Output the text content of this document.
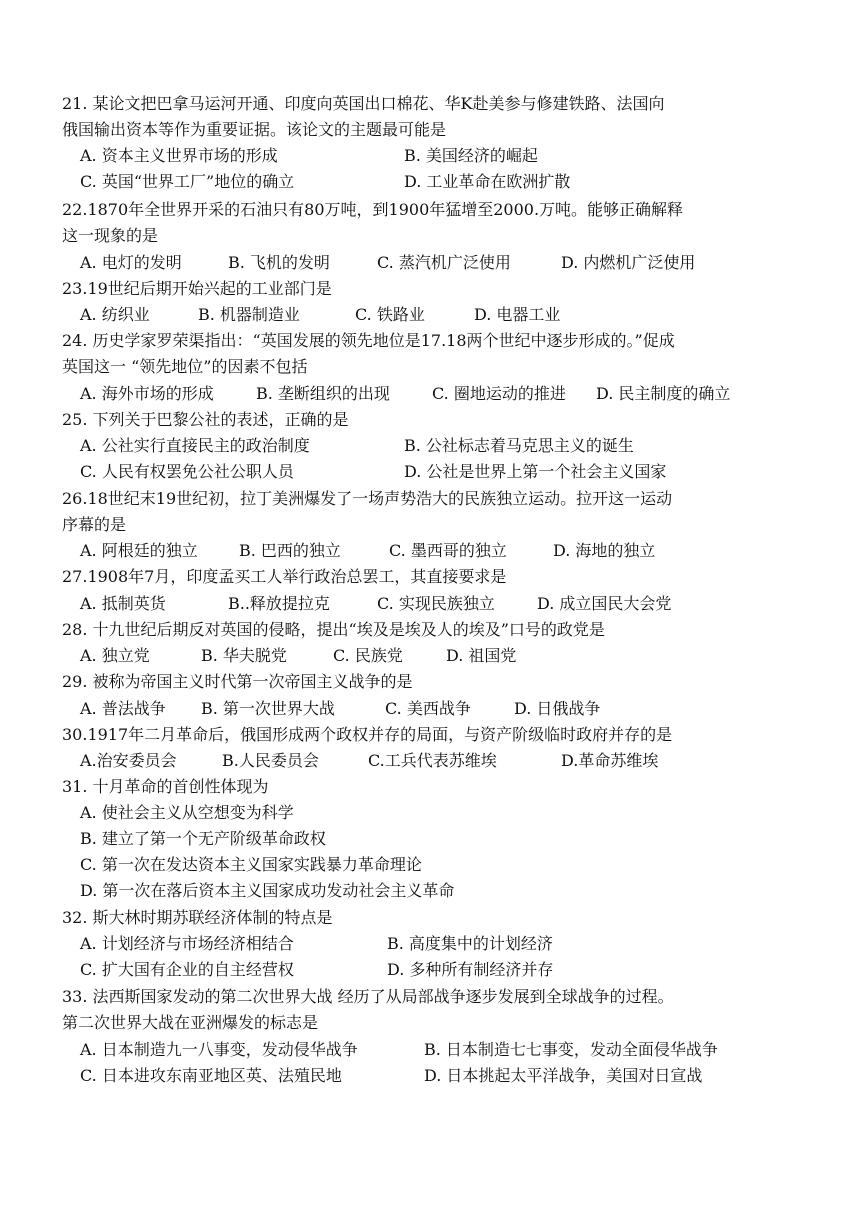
21. 某论文把巴拿马运河开通、印度向英国出口棉花、华K赴美参与修建铁路、法国向
俄国输出资本等作为重要证据。该论文的主题最可能是
A. 资本主义世界市场的形成	B. 美国经济的崛起
C. 英国“世界工厂”地位的确立	D. 工业革命在欧洲扩散
22.1870年全世界开采的石油只有80万吨，到1900年猛增至2000.万吨。能够正确解释
这一现象的是
A. 电灯的发明	B. 飞机的发明	C. 蒸汽机广泛使用	D. 内燃机广泛使用
23.19世纪后期开始兴起的工业部门是
A. 纺织业	B. 机器制造业	C. 铁路业	D. 电器工业
24. 历史学家罗荣渠指出：“英国发展的领先地位是17.18两个世纪中逐步形成的。”促成
英国这一 “领先地位”的因素不包括
A. 海外市场的形成	B. 垄断组织的出现	C. 圈地运动的推进 D. 民主制度的确立
25. 下列关于巴黎公社的表述，正确的是
A. 公社实行直接民主的政治制度	B. 公社标志着马克思主义的诞生
C. 人民有权罢免公社公职人员	D. 公社是世界上第一个社会主义国家
26.18世纪末19世纪初，拉丁美洲爆发了一场声势浩大的民族独立运动。拉开这一运动
序幕的是
A. 阿根廷的独立	B. 巴西的独立	C. 墨西哥的独立	D. 海地的独立
27.1908年7月，印度孟买工人举行政治总罢工，其直接要求是
A. 抵制英货	B..释放提拉克	C. 实现民族独立	D. 成立国民大会党
28. 十九世纪后期反对英国的侵略，提出“埃及是埃及人的埃及”口号的政党是
A. 独立党	B. 华夫脱党	C. 民族党	D. 祖国党
29. 被称为帝国主义时代第一次帝国主义战争的是
A. 普法战争 B. 第一次世界大战	C. 美西战争	D. 日俄战争
30.1917年二月革命后，俄国形成两个政权并存的局面，与资产阶级临时政府并存的是
A.治安委员会	B.人民委员会	C.工兵代表苏维埃	D.革命苏维埃
31. 十月革命的首创性体现为
A. 使社会主义从空想变为科学
B. 建立了第一个无产阶级革命政权
C. 第一次在发达资本主义国家实践暴力革命理论
D. 第一次在落后资本主义国家成功发动社会主义革命
32. 斯大林时期苏联经济体制的特点是
A. 计划经济与市场经济相结合	B. 高度集中的计划经济
C. 扩大国有企业的自主经营权	D. 多种所有制经济并存
33. 法西斯国家发动的第二次世界大战 经历了从局部战争逐步发展到全球战争的过程。
第二次世界大战在亚洲爆发的标志是
A. 日本制造九一八事变，发动侵华战争	B. 日本制造七七事变，发动全面侵华战争
C. 日本进攻东南亚地区英、法殖民地	D. 日本挑起太平洋战争，美国对日宣战
